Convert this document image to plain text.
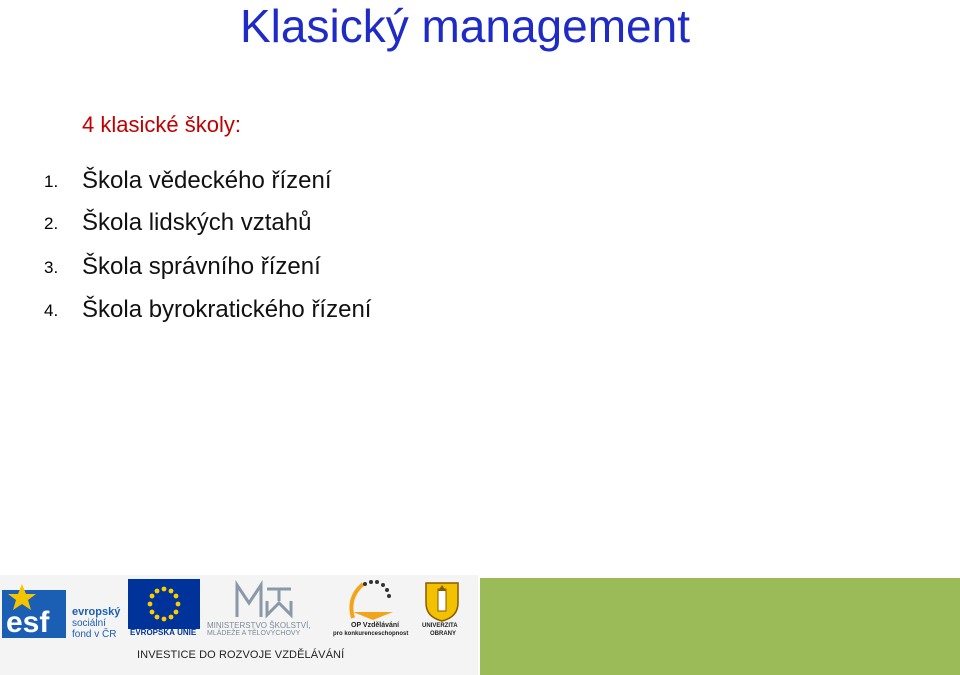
Klasický management
4 klasické školy:
1. Škola vědeckého řízení
2. Škola lidských vztahů
3. Škola správního řízení
4. Škola byrokratického řízení
esf evropský
sociální
fond v ČR EVROPSKÁ UNIE
MINISTERSTVO ŠKOLSTVÍ,
MLÁDEŽE A TĚLOVÝCHOVY
OP Vzdělávání
pro konkurenceschopnost
UNIVERZITA
OBRANY
INVESTICE DO ROZVOJE VZDĚLÁVÁNÍ
